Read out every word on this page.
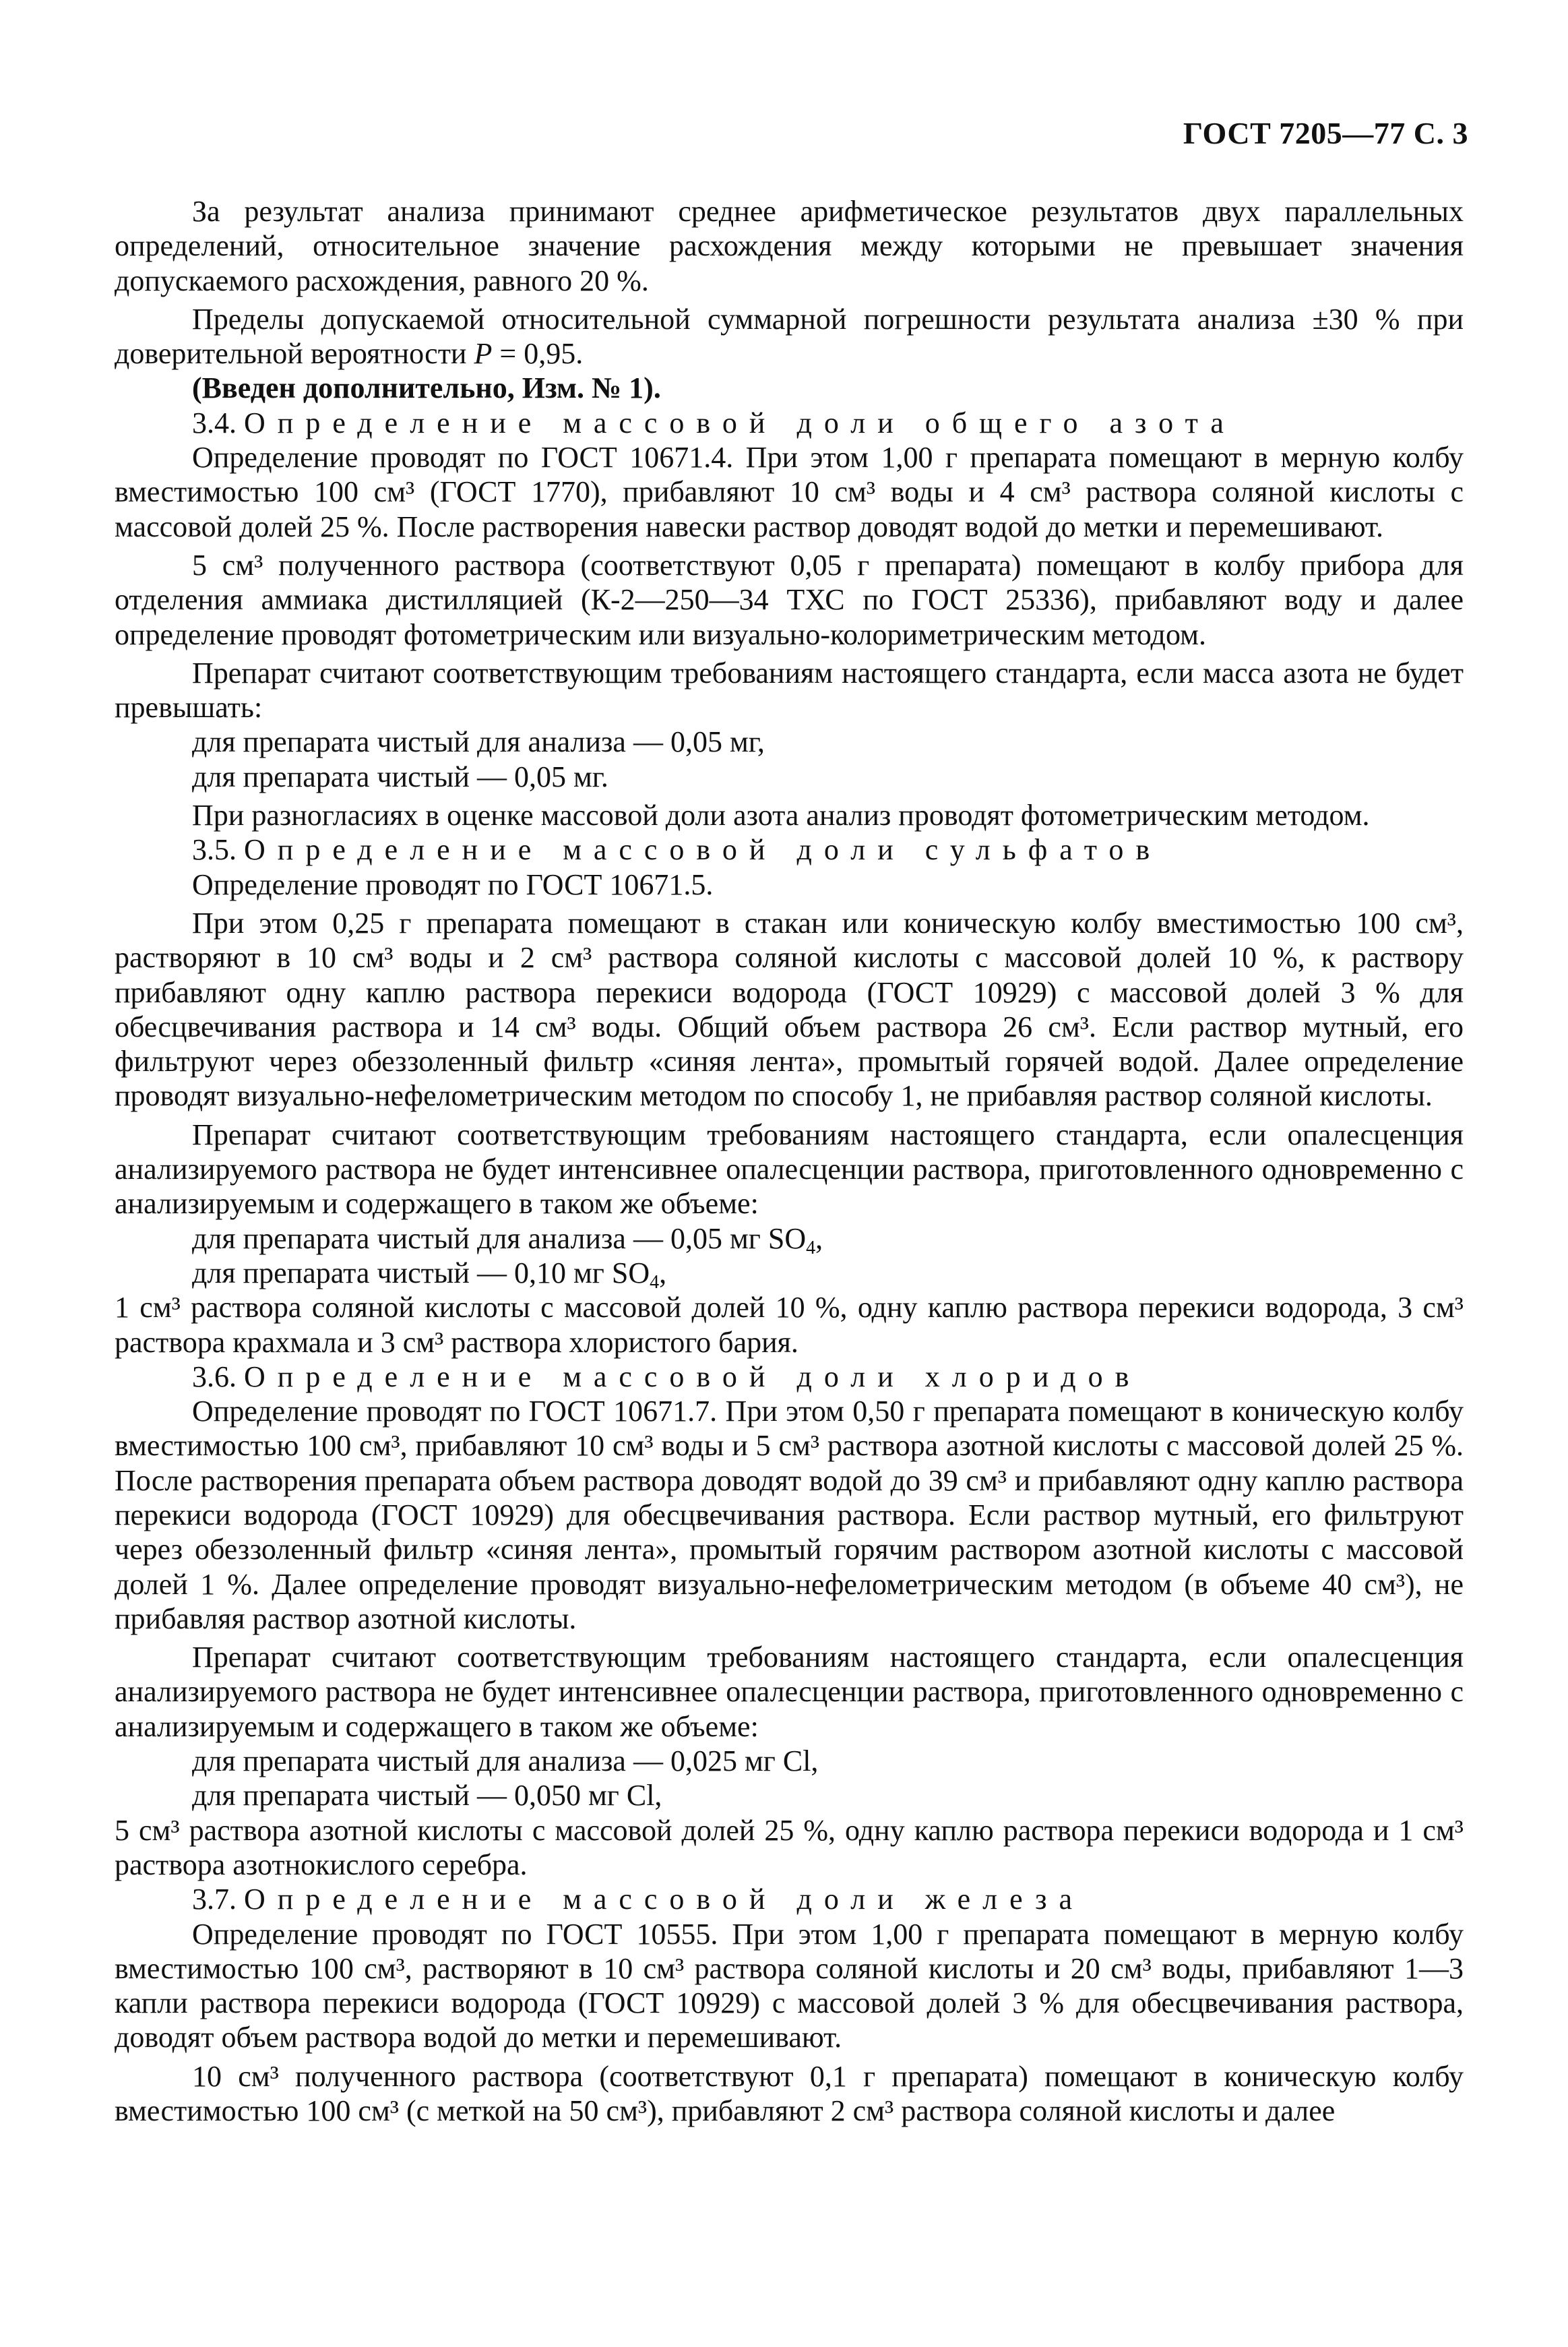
ГОСТ 7205—77 С. 3

За результат анализа принимают среднее арифметическое результатов двух параллельных определений, относительное значение расхождения между которыми не превышает значения допускаемого расхождения, равного 20 %.

Пределы допускаемой относительной суммарной погрешности результата анализа ±30 % при доверительной вероятности P = 0,95.

(Введен дополнительно, Изм. № 1).

3.4. Определение массовой доли общего азота

Определение проводят по ГОСТ 10671.4. При этом 1,00 г препарата помещают в мерную колбу вместимостью 100 см³ (ГОСТ 1770), прибавляют 10 см³ воды и 4 см³ раствора соляной кислоты с массовой долей 25 %. После растворения навески раствор доводят водой до метки и перемешивают.

5 см³ полученного раствора (соответствуют 0,05 г препарата) помещают в колбу прибора для отделения аммиака дистилляцией (К-2—250—34 ТХС по ГОСТ 25336), прибавляют воду и далее определение проводят фотометрическим или визуально-колориметрическим методом.

Препарат считают соответствующим требованиям настоящего стандарта, если масса азота не будет превышать:

для препарата чистый для анализа — 0,05 мг,

для препарата чистый — 0,05 мг.

При разногласиях в оценке массовой доли азота анализ проводят фотометрическим методом.

3.5. Определение массовой доли сульфатов

Определение проводят по ГОСТ 10671.5.

При этом 0,25 г препарата помещают в стакан или коническую колбу вместимостью 100 см³, растворяют в 10 см³ воды и 2 см³ раствора соляной кислоты с массовой долей 10 %, к раствору прибавляют одну каплю раствора перекиси водорода (ГОСТ 10929) с массовой долей 3 % для обесцвечивания раствора и 14 см³ воды. Общий объем раствора 26 см³. Если раствор мутный, его фильтруют через обеззоленный фильтр «синяя лента», промытый горячей водой. Далее определение проводят визуально-нефелометрическим методом по способу 1, не прибавляя раствор соляной кислоты.

Препарат считают соответствующим требованиям настоящего стандарта, если опалесценция анализируемого раствора не будет интенсивнее опалесценции раствора, приготовленного одновременно с анализируемым и содержащего в таком же объеме:

для препарата чистый для анализа — 0,05 мг $SO_4$,

для препарата чистый — 0,10 мг $SO_4$,

1 см³ раствора соляной кислоты с массовой долей 10 %, одну каплю раствора перекиси водорода, 3 см³ раствора крахмала и 3 см³ раствора хлористого бария.

3.6. Определение массовой доли хлоридов

Определение проводят по ГОСТ 10671.7. При этом 0,50 г препарата помещают в коническую колбу вместимостью 100 см³, прибавляют 10 см³ воды и 5 см³ раствора азотной кислоты с массовой долей 25 %. После растворения препарата объем раствора доводят водой до 39 см³ и прибавляют одну каплю раствора перекиси водорода (ГОСТ 10929) для обесцвечивания раствора. Если раствор мутный, его фильтруют через обеззоленный фильтр «синяя лента», промытый горячим раствором азотной кислоты с массовой долей 1 %. Далее определение проводят визуально-нефелометрическим методом (в объеме 40 см³), не прибавляя раствор азотной кислоты.

Препарат считают соответствующим требованиям настоящего стандарта, если опалесценция анализируемого раствора не будет интенсивнее опалесценции раствора, приготовленного одновременно с анализируемым и содержащего в таком же объеме:

для препарата чистый для анализа — 0,025 мг Cl,

для препарата чистый — 0,050 мг Cl,

5 см³ раствора азотной кислоты с массовой долей 25 %, одну каплю раствора перекиси водорода и 1 см³ раствора азотнокислого серебра.

3.7. Определение массовой доли железа

Определение проводят по ГОСТ 10555. При этом 1,00 г препарата помещают в мерную колбу вместимостью 100 см³, растворяют в 10 см³ раствора соляной кислоты и 20 см³ воды, прибавляют 1—3 капли раствора перекиси водорода (ГОСТ 10929) с массовой долей 3 % для обесцвечивания раствора, доводят объем раствора водой до метки и перемешивают.

10 см³ полученного раствора (соответствуют 0,1 г препарата) помещают в коническую колбу вместимостью 100 см³ (с меткой на 50 см³), прибавляют 2 см³ раствора соляной кислоты и далее
